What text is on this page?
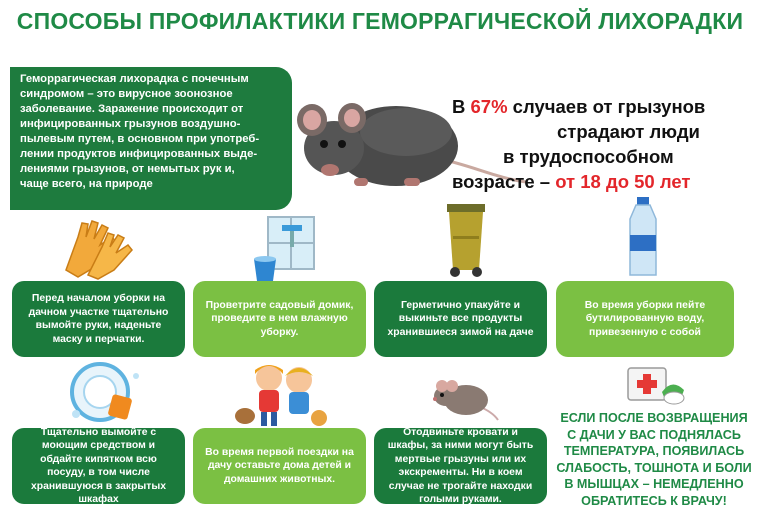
СПОСОБЫ ПРОФИЛАКТИКИ ГЕМОРРАГИЧЕСКОЙ ЛИХОРАДКИ

Геморрагическая лихорадка с почечным

синдромом – это вирусное зоонозное

заболевание. Заражение происходит от

инфицированных грызунов воздушно-

пылевым путем, в основном при употреб-

лении продуктов инфицированных выде-

лениями грызунов, от немытых рук и,

чаще всего, на природе

В 67% случаев от грызунов
страдают люди
в трудоспособном
возрасте – от 18 до 50 лет
Перед началом уборки на дачном участке тщательно вымойте руки, наденьте маску и перчатки.
Проветрите садовый домик, проведите в нем влажную уборку.
Герметично упакуйте и выкиньте все продукты хранившиеся зимой на даче
Во время уборки пейте бутилированную воду, привезенную с собой
Тщательно вымойте с моющим средством и обдайте кипятком всю посуду, в том числе хранившуюся в закрытых шкафах
Во время первой поездки на дачу оставьте дома детей и домашних животных.
Отодвиньте кровати и шкафы, за ними могут быть мертвые грызуны или их экскременты. Ни в коем случае не трогайте находки голыми руками.
ЕСЛИ ПОСЛЕ ВОЗВРАЩЕНИЯ
С ДАЧИ У ВАС ПОДНЯЛАСЬ
ТЕМПЕРАТУРА, ПОЯВИЛАСЬ
СЛАБОСТЬ, ТОШНОТА И БОЛИ
В МЫШЦАХ – НЕМЕДЛЕННО
ОБРАТИТЕСЬ К ВРАЧУ!
